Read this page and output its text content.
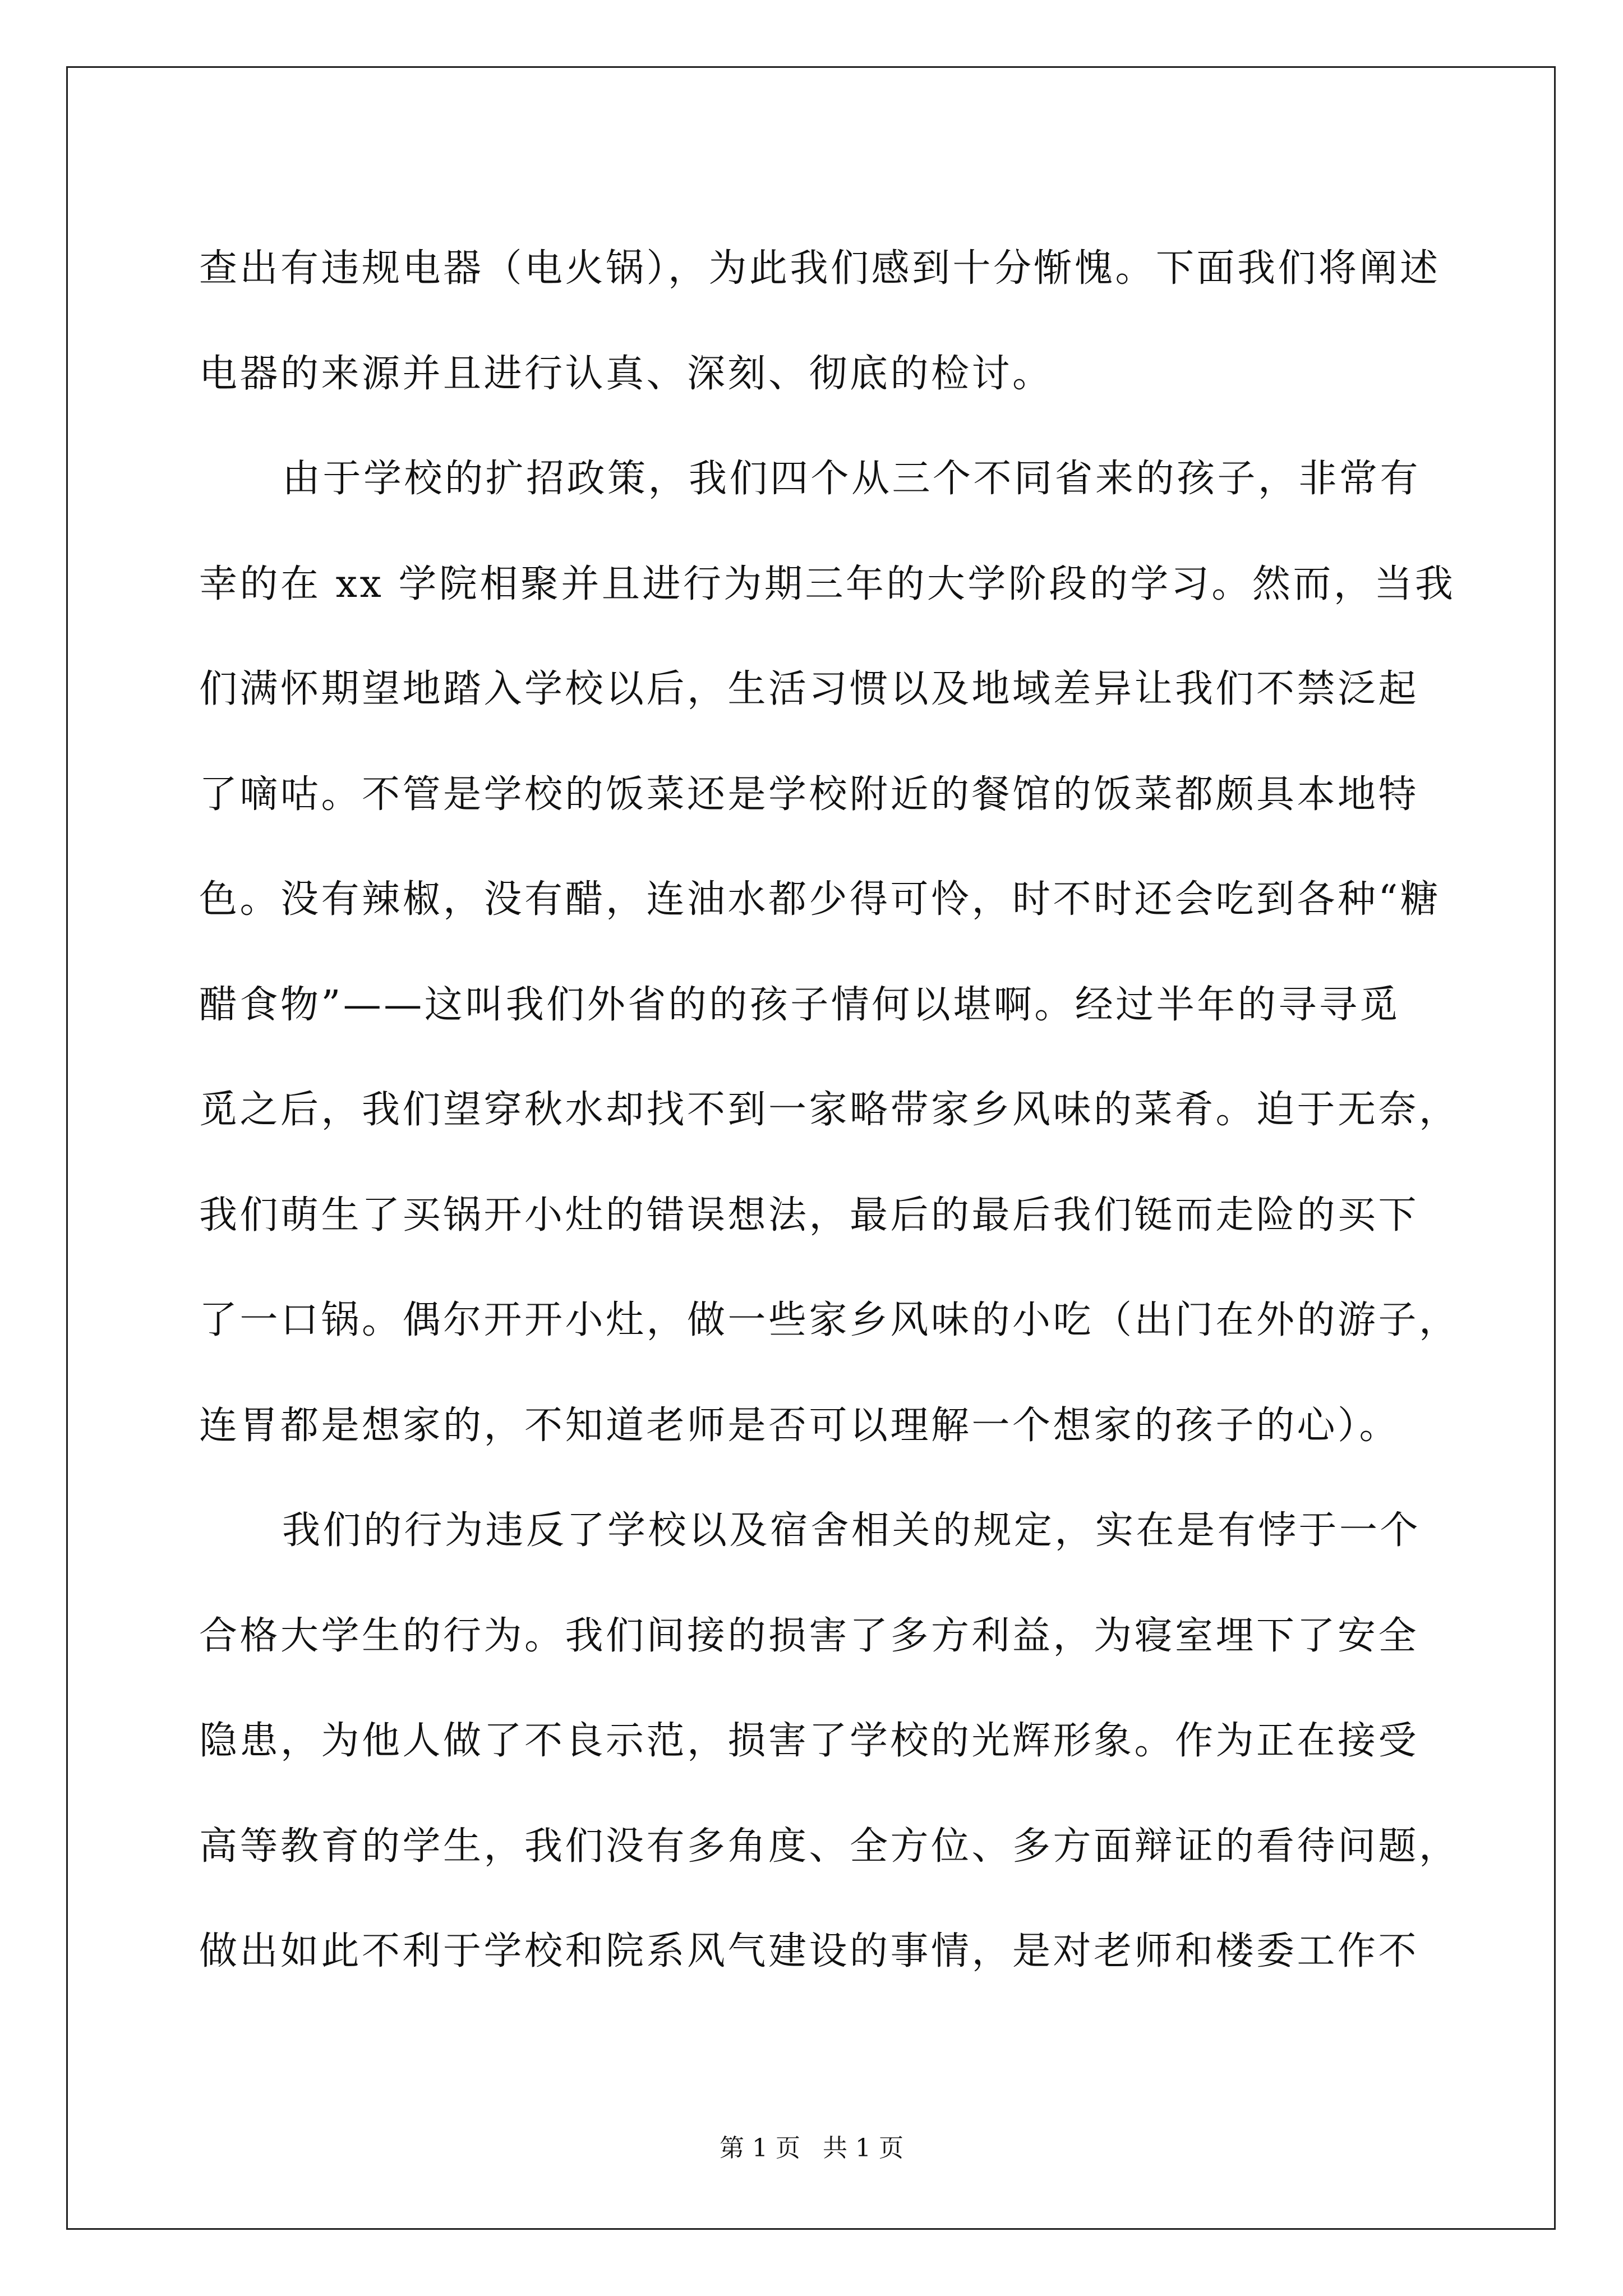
查出有违规电器（电火锅），为此我们感到十分惭愧。下面我们将阐述
电器的来源并且进行认真、深刻、彻底的检讨。
由于学校的扩招政策，我们四个从三个不同省来的孩子，非常有
幸的在 xx 学院相聚并且进行为期三年的大学阶段的学习。然而，当我
们满怀期望地踏入学校以后，生活习惯以及地域差异让我们不禁泛起
了嘀咕。不管是学校的饭菜还是学校附近的餐馆的饭菜都颇具本地特
色。没有辣椒，没有醋，连油水都少得可怜，时不时还会吃到各种“糖
醋食物”——这叫我们外省的的孩子情何以堪啊。经过半年的寻寻觅
觅之后，我们望穿秋水却找不到一家略带家乡风味的菜肴。迫于无奈，
我们萌生了买锅开小灶的错误想法，最后的最后我们铤而走险的买下
了一口锅。偶尔开开小灶，做一些家乡风味的小吃（出门在外的游子，
连胃都是想家的，不知道老师是否可以理解一个想家的孩子的心）。
我们的行为违反了学校以及宿舍相关的规定，实在是有悖于一个
合格大学生的行为。我们间接的损害了多方利益，为寝室埋下了安全
隐患，为他人做了不良示范，损害了学校的光辉形象。作为正在接受
高等教育的学生，我们没有多角度、全方位、多方面辩证的看待问题，
做出如此不利于学校和院系风气建设的事情，是对老师和楼委工作不
第 1 页 共 1 页
